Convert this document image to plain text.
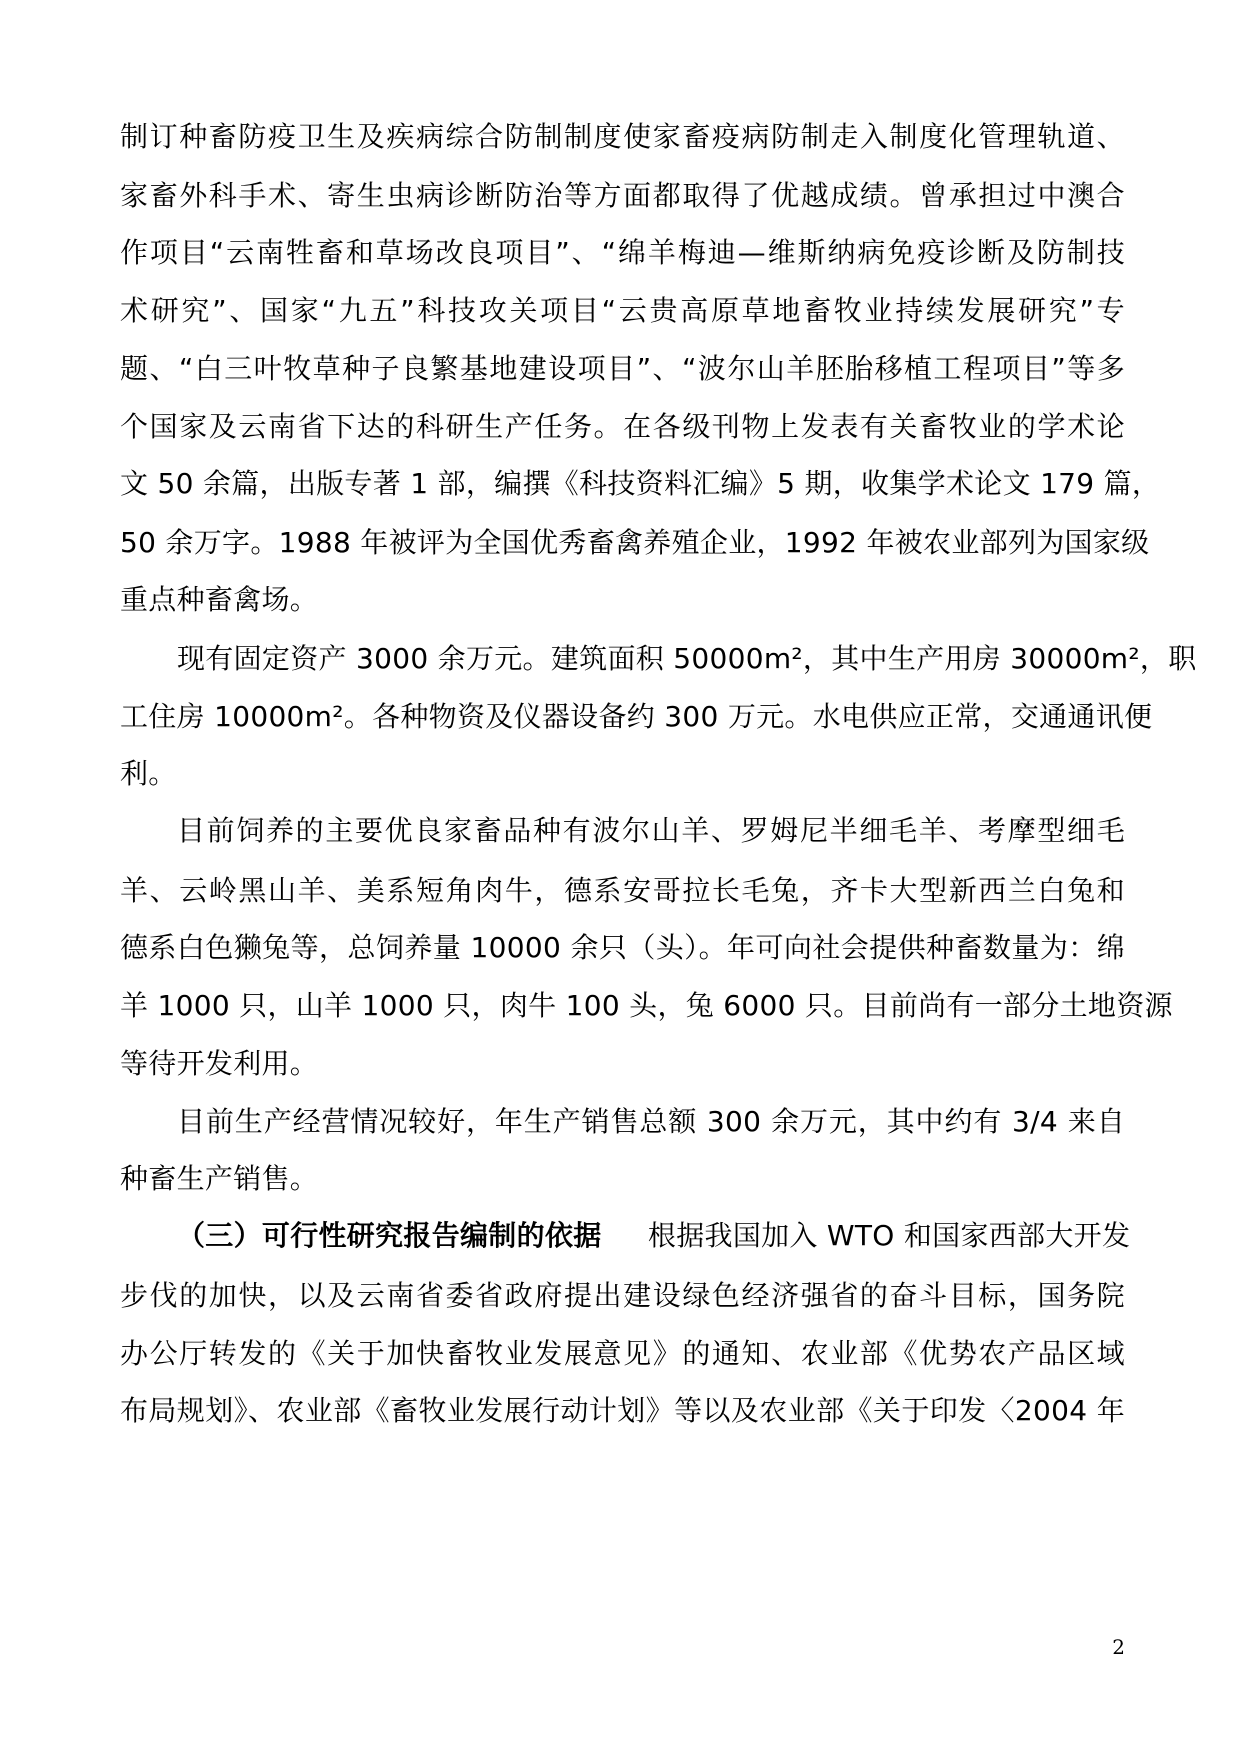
制订种畜防疫卫生及疾病综合防制制度使家畜疫病防制走入制度化管理轨道、
家畜外科手术、寄生虫病诊断防治等方面都取得了优越成绩。曾承担过中澳合
作项目“云南牲畜和草场改良项目”、“绵羊梅迪—维斯纳病免疫诊断及防制技
术研究”、国家“九五”科技攻关项目“云贵高原草地畜牧业持续发展研究”专
题、“白三叶牧草种子良繁基地建设项目”、“波尔山羊胚胎移植工程项目”等多
个国家及云南省下达的科研生产任务。在各级刊物上发表有关畜牧业的学术论
文 50 余篇，出版专著 1 部，编撰《科技资料汇编》5 期，收集学术论文 179 篇，
50 余万字。1988 年被评为全国优秀畜禽养殖企业，1992 年被农业部列为国家级
重点种畜禽场。
现有固定资产 3000 余万元。建筑面积 50000m²，其中生产用房 30000m²，职
工住房 10000m²。各种物资及仪器设备约 300 万元。水电供应正常，交通通讯便
利。
目前饲养的主要优良家畜品种有波尔山羊、罗姆尼半细毛羊、考摩型细毛
羊、云岭黑山羊、美系短角肉牛，德系安哥拉长毛兔，齐卡大型新西兰白兔和
德系白色獭兔等，总饲养量 10000 余只（头）。年可向社会提供种畜数量为：绵
羊 1000 只，山羊 1000 只，肉牛 100 头，兔 6000 只。目前尚有一部分土地资源
等待开发利用。
目前生产经营情况较好，年生产销售总额 300 余万元，其中约有 3/4 来自
种畜生产销售。
（三）可行性研究报告编制的依据 根据我国加入 WTO 和国家西部大开发
步伐的加快，以及云南省委省政府提出建设绿色经济强省的奋斗目标，国务院
办公厅转发的《关于加快畜牧业发展意见》的通知、农业部《优势农产品区域
布局规划》、农业部《畜牧业发展行动计划》等以及农业部《关于印发〈2004 年
2
